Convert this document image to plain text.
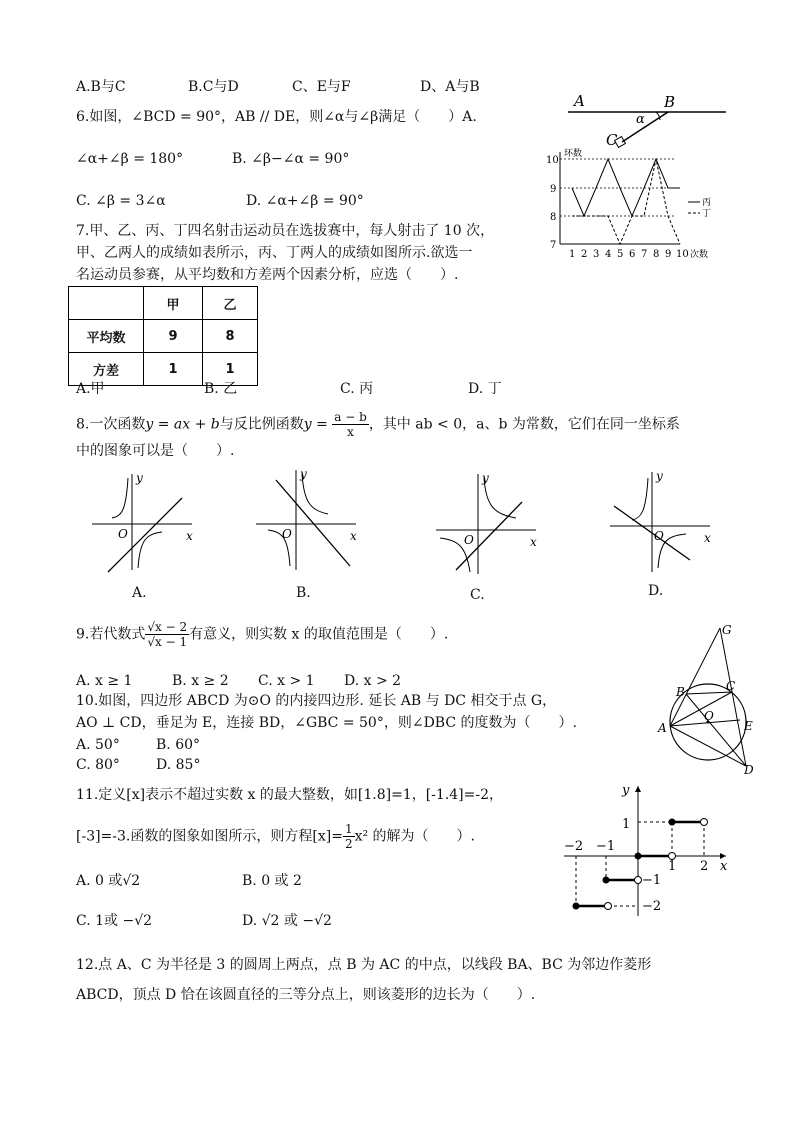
A.B与C	B.C与D	C、E与F	D、A与B
6.如图，∠BCD = 90°，AB // DE，则∠α与∠β满足（　　）A.
∠α+∠β = 180°	B. ∠β−∠α = 90°
C. ∠β = 3∠α	D. ∠α+∠β = 90°
A	B
C
α
7.甲、乙、丙、丁四名射击运动员在选拔赛中，每人射击了 10 次，
甲、乙两人的成绩如表所示，丙、丁两人的成绩如图所示.欲选一
名运动员参赛，从平均数和方差两个因素分析，应选（　　）.
	甲	乙
平均数	9	8
方差	1	1
A.甲	B. 乙	C. 丙	D. 丁
环数
10
9
8
7
1 2 3 4 5 6 7 8 9 10 次数
丙
丁
8.一次函数y = ax + b与反比例函数$y = \frac{a - b}{x}$ ，其中 ab < 0，a、b 为常数，它们在同一坐标系
中的图象可以是（　　）.
y
x
O
A.
y
x
O
B.
y
x
O
C.
y
x
O
D.
9.若代数式 $\frac{√x - 2}{√x - 1}$ 有意义，则实数 x 的取值范围是（　　）.
A. x ≥ 1	B. x ≥ 2 C. x > 1 D. x > 2
10.如图，四边形 ABCD 为⊙O 的内接四边形. 延长 AB 与 DC 相交于点 G，
AO ⊥ CD，垂足为 E，连接 BD，∠GBC = 50°，则∠DBC 的度数为（　　）.
A. 50°	B. 60°
C. 80°	D. 85°
G
B	C
A
O
E
D
11.定义[x]表示不超过实数 x 的最大整数，如[1.8]=1，[-1.4]=-2，
[-3]=-3.函数的图象如图所示，则方程$[x]= \frac{1}{2} x^2$ 的解为（　　）.
A. 0 或√2	B. 0 或 2
C. 1或 −√2	D. √2 或 −√2
y
x
−2 −1
1 2
1
−1
−2
12.点 A、C 为半径是 3 的圆周上两点，点 B 为 AC 的中点，以线段 BA、BC 为邻边作菱形
ABCD，顶点 D 恰在该圆直径的三等分点上，则该菱形的边长为（　　）.
